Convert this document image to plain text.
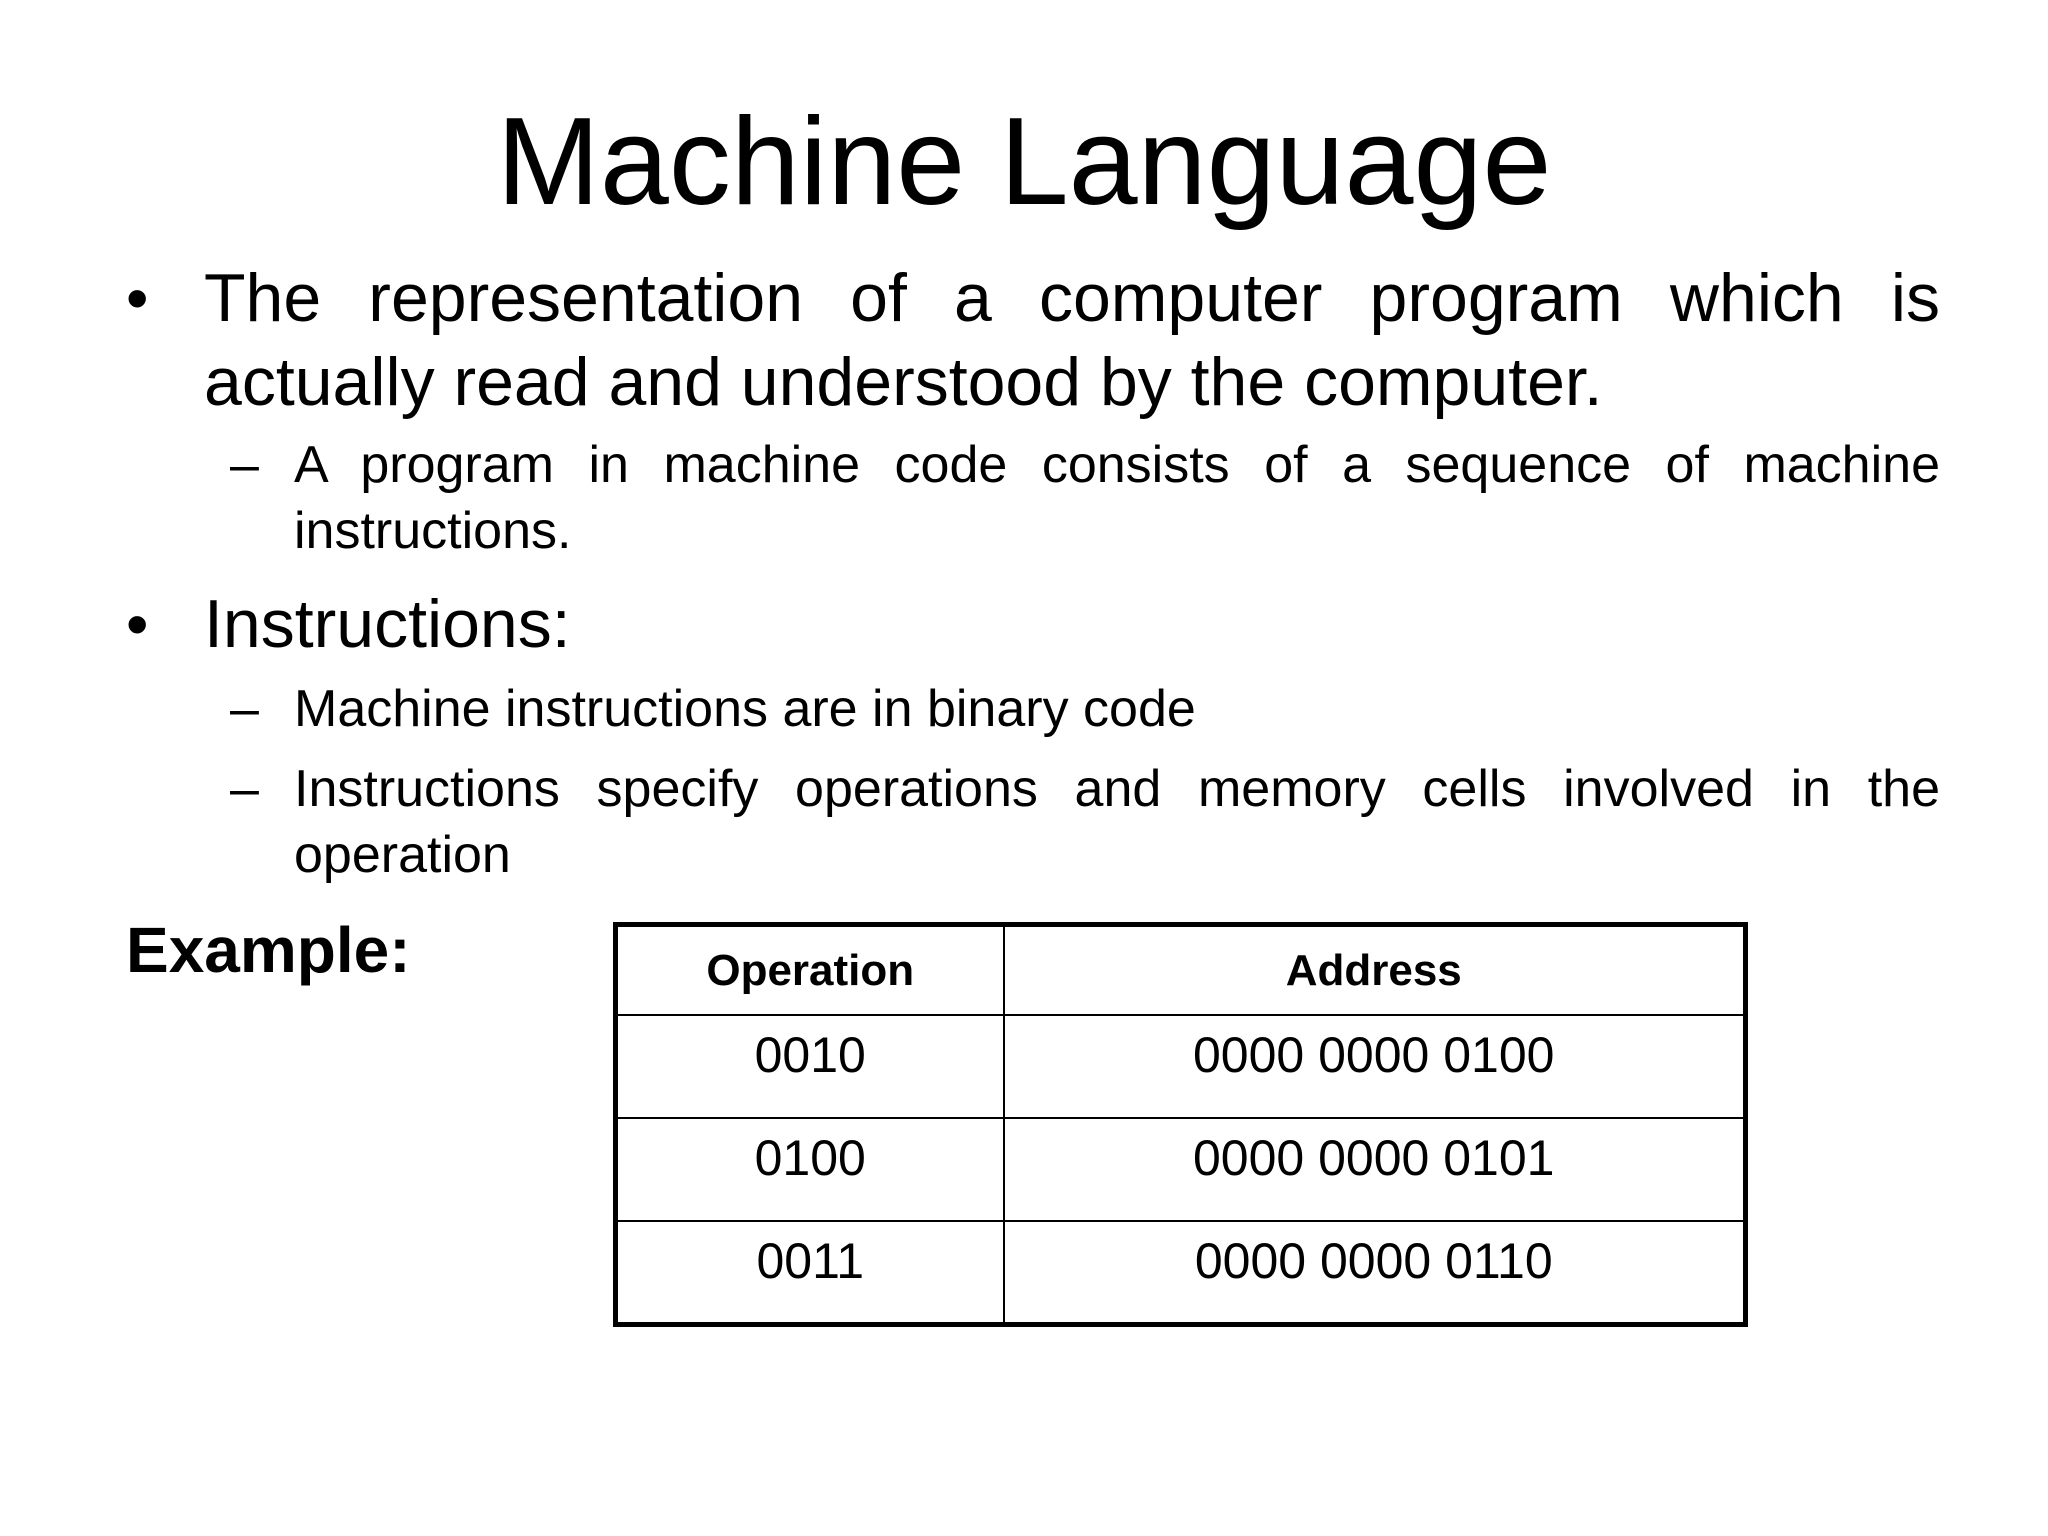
Machine Language
• The representation of a computer program which is actually read and understood by the computer.
– A program in machine code consists of a sequence of machine instructions.
• Instructions:
– Machine instructions are in binary code
– Instructions specify operations and memory cells involved in the operation
Example:	Operation	Address
0010	0000 0000 0100
0100	0000 0000 0101
0011	0000 0000 0110
